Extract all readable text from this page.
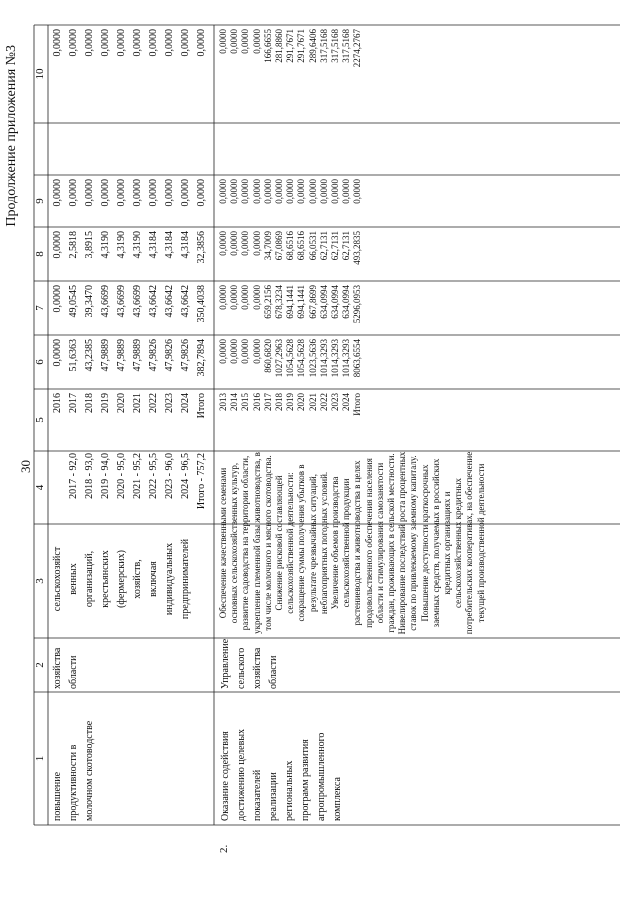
30
Продолжение приложения №3
1
2
3
4
5
6
7
8
9
10
повышение продуктивности в молочном скотоводстве
хозяйства области
сельскохозяйст венных организаций, крестьянских (фермерских) хозяйств, включая индивидуальных предпринимателей
2017 - 92,0 2018 - 93,0 2019 - 94,0 2020 - 95,0 2021 - 95,2 2022 - 95,5 2023 - 96,0 2024 - 96,5 Итого - 757,2
2016 2017 2018 2019 2020 2021 2022 2023 2024 Итого
0,0000 51,6363 43,2385 47,9889 47,9889 47,9889 47,9826 47,9826 47,9826 382,7894
0,0000 49,0545 39,3470 43,6699 43,6699 43,6699 43,6642 43,6642 43,6642 350,4038
0,0000 2,5818 3,8915 4,3190 4,3190 4,3190 4,3184 4,3184 4,3184 32,3856
0,0000 0,0000 0,0000 0,0000 0,0000 0,0000 0,0000 0,0000 0,0000 0,0000
0,0000 0,0000 0,0000 0,0000 0,0000 0,0000 0,0000 0,0000 0,0000 0,0000
2.
Оказание содействия достижению целевых показателей реализации региональных программ развития агропромышленного комплекса
Управление сельского хозяйства области
Обеспечение качественными семенами основных сельскохозяйственных культур, развитие садоводства на территории области, укрепление племенной базы животноводства, в том числе молочного и мясного скотоводства. Снижение рисковой составляющей сельскохозяйственной деятельности: сокращение суммы получения убытков в результате чрезвычайных ситуаций, неблагоприятных погодных условий. Увеличение объемов производства сельскохозяйственной продукции растениеводства и животноводства в целях продовольственного обеспечения населения области и стимулирования самозанятости граждан, проживающих в сельской местности. Нивелирование последствий роста процентных ставок по привлекаемому заемному капиталу. Повышение доступности краткосрочных заемных средств, получаемых в российских кредитных организациях и сельскохозяйственных кредитных потребительских кооперативах, на обеспечение текущей производственной деятельности
2013 2014 2015 2016 2017 2018 2019 2020 2021 2022 2023 2024 Итого
0,0000 0,0000 0,0000 0,0000 860,6820 1027,2963 1054,5628 1054,5628 1023,5636 1014,3293 1014,3293 1014,3293 8063,6554
0,0000 0,0000 0,0000 0,0000 659,2156 678,3234 694,1441 694,1441 667,8699 634,0994 634,0994 634,0994 5296,0953
0,0000 0,0000 0,0000 0,0000 34,7009 67,0869 68,6516 68,6516 66,0531 62,7131 62,7131 62,7131 493,2835
0,0000 0,0000 0,0000 0,0000 0,0000 0,0000 0,0000 0,0000 0,0000 0,0000 0,0000 0,0000 0,0000
0,0000 0,0000 0,0000 0,0000 166,6655 281,8860 291,7671 291,7671 289,6406 317,5168 317,5168 317,5168 2274,2767
